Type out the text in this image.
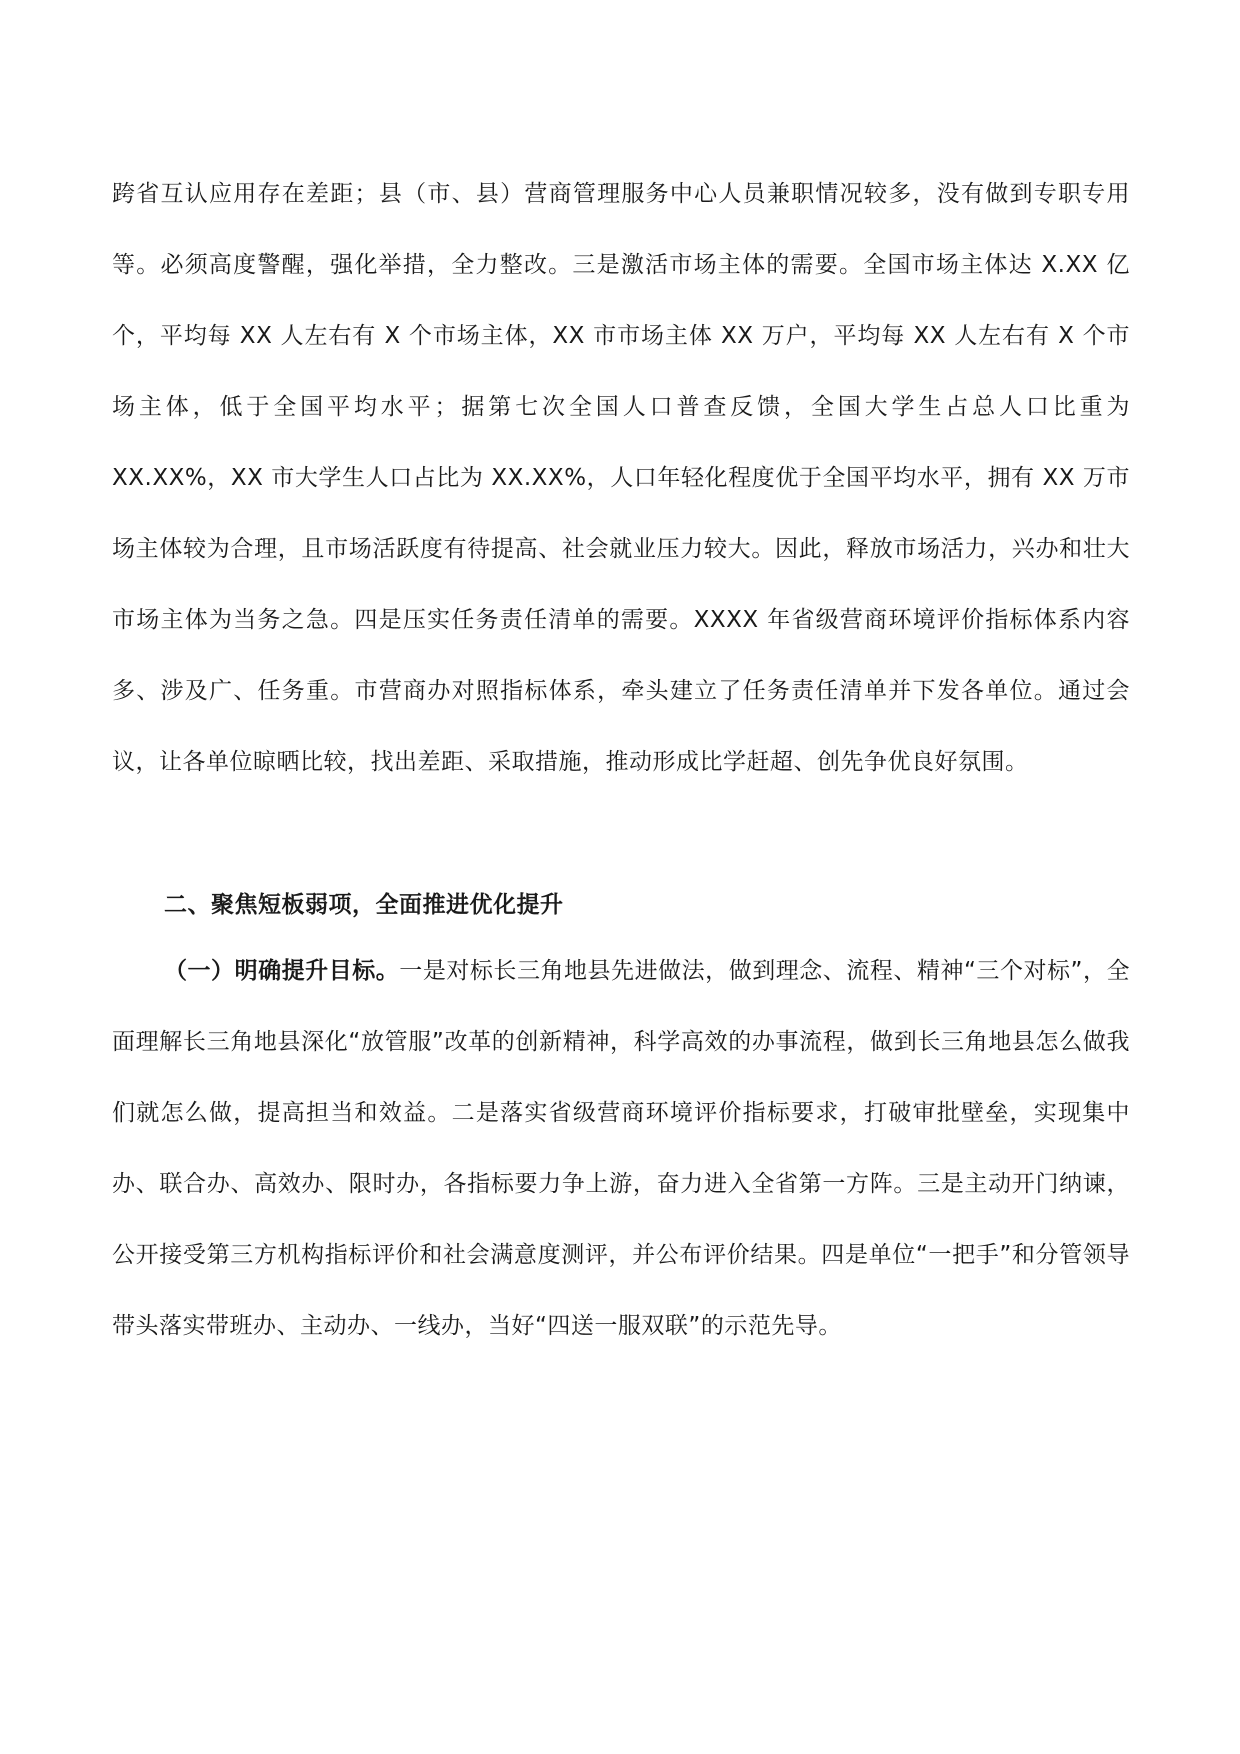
跨省互认应用存在差距；县（市、县）营商管理服务中心人员兼职情况较多，没有做到专职专用等。必须高度警醒，强化举措，全力整改。三是激活市场主体的需要。全国市场主体达 X.XX 亿个，平均每 XX 人左右有 X 个市场主体，XX 市市场主体 XX 万户，平均每 XX 人左右有 X 个市场主体，低于全国平均水平；据第七次全国人口普查反馈，全国大学生占总人口比重为 XX.XX%，XX 市大学生人口占比为 XX.XX%，人口年轻化程度优于全国平均水平，拥有 XX 万市场主体较为合理，且市场活跃度有待提高、社会就业压力较大。因此，释放市场活力，兴办和壮大市场主体为当务之急。四是压实任务责任清单的需要。XXXX 年省级营商环境评价指标体系内容多、涉及广、任务重。市营商办对照指标体系，牵头建立了任务责任清单并下发各单位。通过会议，让各单位晾晒比较，找出差距、采取措施，推动形成比学赶超、创先争优良好氛围。
二、聚焦短板弱项，全面推进优化提升
（一）明确提升目标。一是对标长三角地县先进做法，做到理念、流程、精神“三个对标”，全面理解长三角地县深化“放管服”改革的创新精神，科学高效的办事流程，做到长三角地县怎么做我们就怎么做，提高担当和效益。二是落实省级营商环境评价指标要求，打破审批壁垒，实现集中办、联合办、高效办、限时办，各指标要力争上游，奋力进入全省第一方阵。三是主动开门纳谏，公开接受第三方机构指标评价和社会满意度测评，并公布评价结果。四是单位“一把手”和分管领导带头落实带班办、主动办、一线办，当好“四送一服双联”的示范先导。
